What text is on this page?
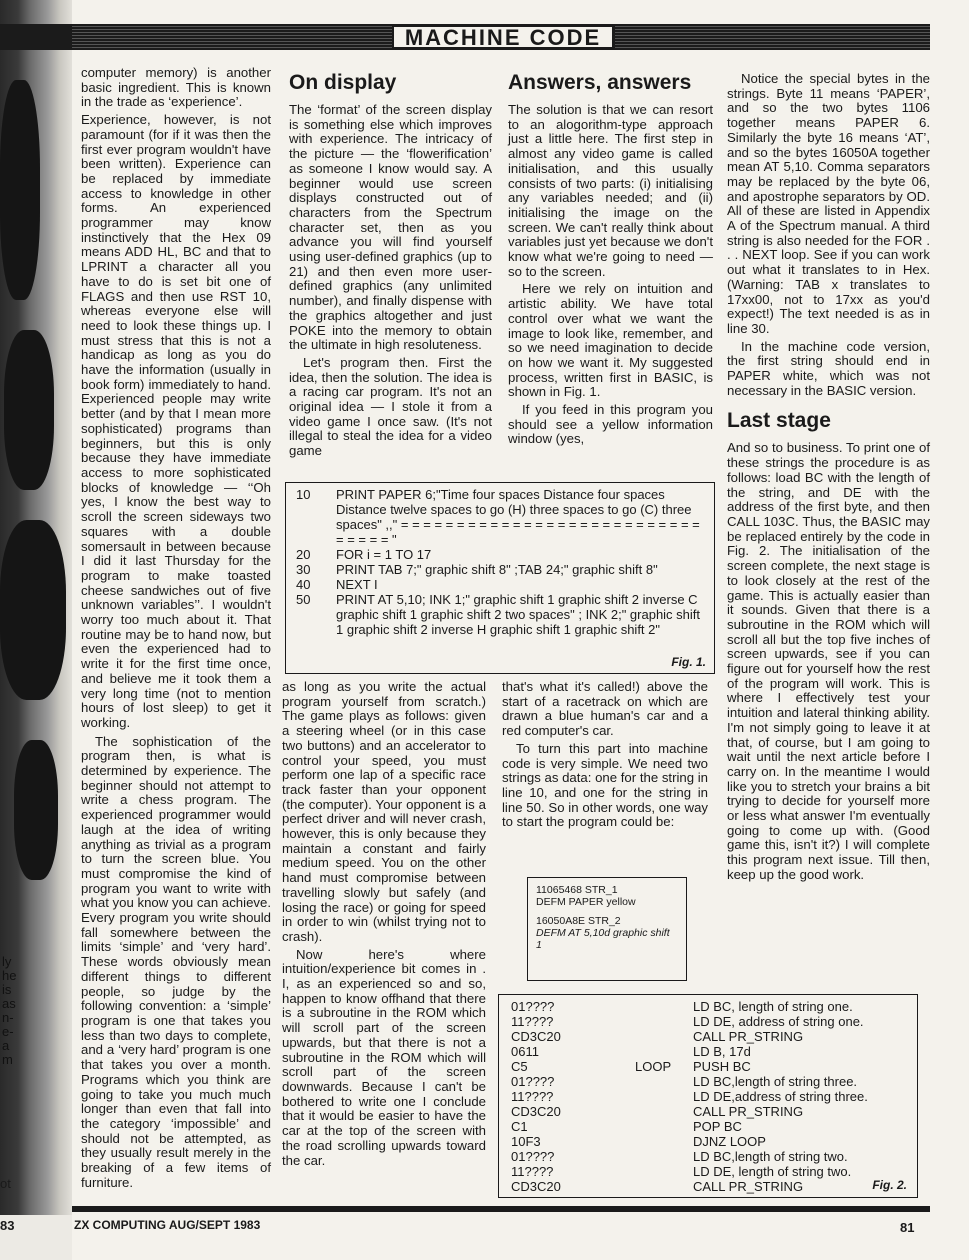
ly
he
is
as
n-
e-
a
m
ot
83
MACHINE CODE

computer memory) is another basic ingredient. This is known in the trade as ‘experience’.

Experience, however, is not paramount (for if it was then the first ever program wouldn't have been written). Experience can be replaced by immediate access to knowledge in other forms. An experienced programmer may know instinctively that the Hex 09 means ADD HL, BC and that to LPRINT a character all you have to do is set bit one of FLAGS and then use RST 10, whereas everyone else will need to look these things up. I must stress that this is not a handicap as long as you do have the information (usually in book form) immediately to hand. Experienced people may write better (and by that I mean more sophisticated) programs than beginners, but this is only because they have immediate access to more sophisticated blocks of knowledge — ‘‘Oh yes, I know the best way to scroll the screen sideways two squares with a double somersault in between because I did it last Thursday for the program to make toasted cheese sandwiches out of five unknown variables’’. I wouldn't worry too much about it. That routine may be to hand now, but even the experienced had to write it for the first time once, and believe me it took them a very long time (not to mention hours of lost sleep) to get it working.

The sophistication of the program then, is what is determined by experience. The beginner should not attempt to write a chess program. The experienced programmer would laugh at the idea of writing anything as trivial as a program to turn the screen blue. You must compromise the kind of program you want to write with what you know you can achieve. Every program you write should fall somewhere between the limits ‘simple’ and ‘very hard’. These words obviously mean different things to different people, so judge by the following convention: a ‘simple’ program is one that takes you less than two days to complete, and a ‘very hard’ program is one that takes you over a month. Programs which you think are going to take you much much longer than even that fall into the category ‘impossible’ and should not be attempted, as they usually result merely in the breaking of a few items of furniture.

On display

The ‘format’ of the screen display is something else which improves with experience. The intricacy of the picture — the ‘flowerification’ as someone I know would say. A beginner would use screen displays constructed out of characters from the Spectrum character set, then as you advance you will find yourself using user-defined graphics (up to 21) and then even more user-defined graphics (any unlimited number), and finally dispense with the graphics altogether and just POKE into the memory to obtain the ultimate in high resoluteness.

Let's program then. First the idea, then the solution. The idea is a racing car program. It's not an original idea — I stole it from a video game I once saw. (It's not illegal to steal the idea for a video game

Answers, answers

The solution is that we can resort to an alogorithm-type approach just a little here. The first step in almost any video game is called initialisation, and this usually consists of two parts: (i) initialising any variables needed; and (ii) initialising the image on the screen. We can't really think about variables just yet because we don't know what we're going to need — so to the screen.

Here we rely on intuition and artistic ability. We have total control over what we want the image to look like, remember, and so we need imagination to decide on how we want it. My suggested process, written first in BASIC, is shown in Fig. 1.

If you feed in this program you should see a yellow information window (yes,

Notice the special bytes in the strings. Byte 11 means ‘PAPER’, and so the two bytes 1106 together means PAPER 6. Similarly the byte 16 means ‘AT’, and so the bytes 16050A together mean AT 5,10. Comma separators may be replaced by the byte 06, and apostrophe separators by OD. All of these are listed in Appendix A of the Spectrum manual. A third string is also needed for the FOR . . . NEXT loop. See if you can work out what it translates to in Hex. (Warning: TAB x translates to 17xx00, not to 17xx as you'd expect!) The text needed is as in line 30.

In the machine code version, the first string should end in PAPER white, which was not necessary in the BASIC version.

Last stage

And so to business. To print one of these strings the procedure is as follows: load BC with the length of the string, and DE with the address of the first byte, and then CALL 103C. Thus, the BASIC may be replaced entirely by the code in Fig. 2. The initialisation of the screen complete, the next stage is to look closely at the rest of the game. This is actually easier than it sounds. Given that there is a subroutine in the ROM which will scroll all but the top five inches of screen upwards, see if you can figure out for yourself how the rest of the program will work. This is where I effectively test your intuition and lateral thinking ability. I'm not simply going to leave it at that, of course, but I am going to wait until the next article before I carry on. In the meantime I would like you to stretch your brains a bit trying to decide for yourself more or less what answer I'm eventually going to come up with. (Good game this, isn't it?) I will complete this program next issue. Till then, keep up the good work.

10	PRINT PAPER 6;"Time four spaces Distance four spaces Distance twelve spaces to go (H) three spaces to go (C) three spaces" ,," = = = = = = = = = = = = = = = = = = = = = = = = = = = = = = = = "
20	FOR i = 1 TO 17
30	PRINT TAB 7;" graphic shift 8" ;TAB 24;" graphic shift 8"
40	NEXT I
50	PRINT AT 5,10; INK 1;" graphic shift 1 graphic shift 2 inverse C graphic shift 1 graphic shift 2 two spaces" ; INK 2;" graphic shift 1 graphic shift 2 inverse H graphic shift 1 graphic shift 2"
Fig. 1.

as long as you write the actual program yourself from scratch.) The game plays as follows: given a steering wheel (or in this case two buttons) and an accelerator to control your speed, you must perform one lap of a specific race track faster than your opponent (the computer). Your opponent is a perfect driver and will never crash, however, this is only because they maintain a constant and fairly medium speed. You on the other hand must compromise between travelling slowly but safely (and losing the race) or going for speed in order to win (whilst trying not to crash).

Now here's where intuition/experience bit comes in . I, as an experienced so and so, happen to know offhand that there is a subroutine in the ROM which will scroll part of the screen upwards, but that there is not a subroutine in the ROM which will scroll part of the screen downwards. Because I can't be bothered to write one I conclude that it would be easier to have the car at the top of the screen with the road scrolling upwards toward the car.

that's what it's called!) above the start of a racetrack on which are drawn a blue human's car and a red computer's car.

To turn this part into machine code is very simple. We need two strings as data: one for the string in line 10, and one for the string in line 50. So in other words, one way to start the program could be:

11065468 STR_1
DEFM PAPER yellow
16050A8E STR_2
DEFM AT 5,10d graphic shift 1
01????		LD BC, length of string one.
11????		LD DE, address of string one.
CD3C20		CALL PR_STRING
0611		LD B, 17d
C5	LOOP	PUSH BC
01????		LD BC,length of string three.
11????		LD DE,address of string three.
CD3C20		CALL PR_STRING
C1		POP BC
10F3		DJNZ LOOP
01????		LD BC,length of string two.
11????		LD DE, length of string two.
CD3C20		CALL PR_STRING	Fig. 2.
ZX COMPUTING AUG/SEPT 1983	81
